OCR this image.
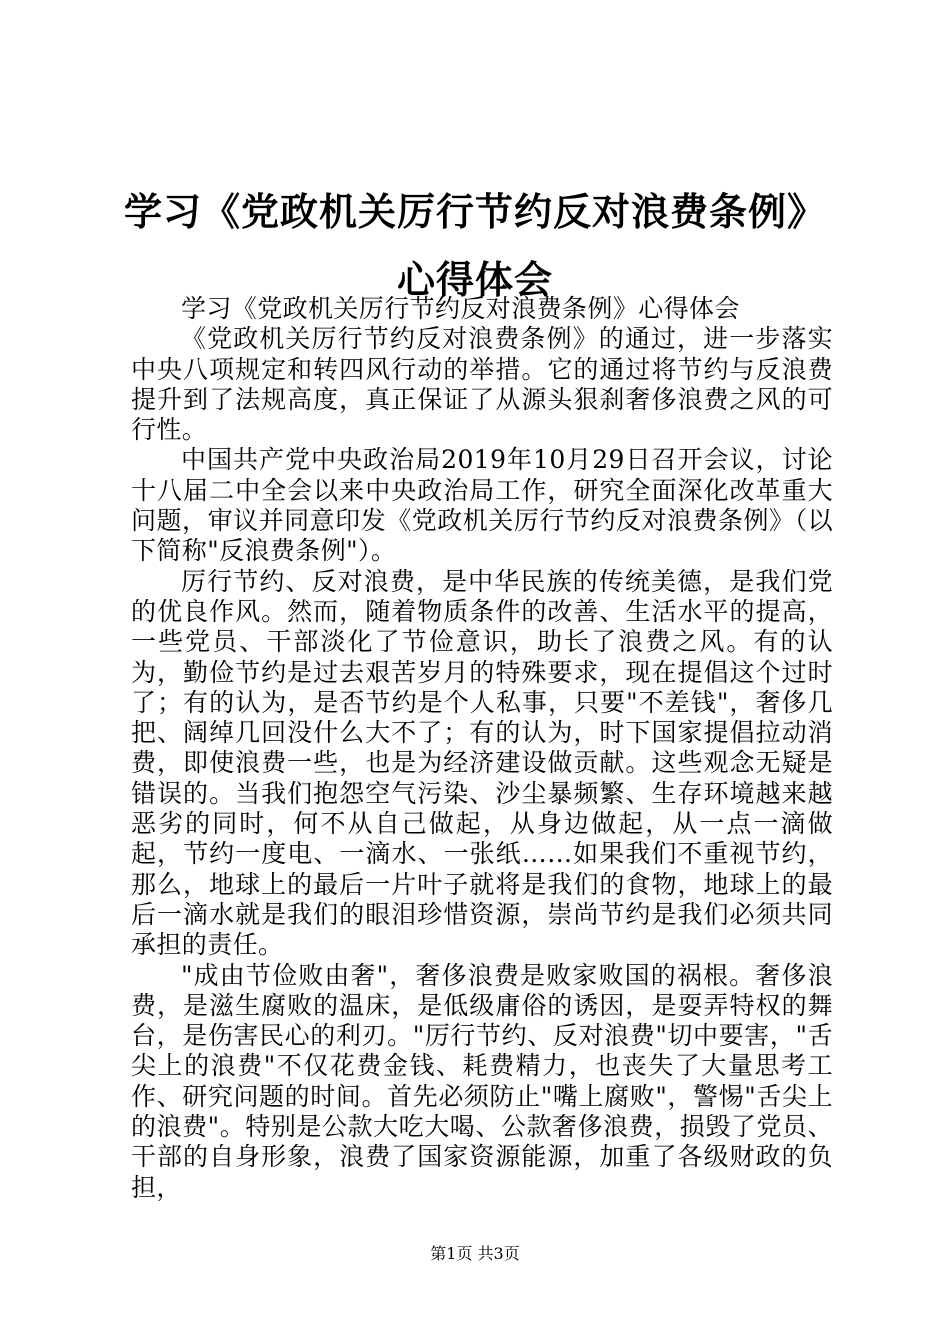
学习《党政机关厉行节约反对浪费条例》心得体会

学习《党政机关厉行节约反对浪费条例》心得体会

《党政机关厉行节约反对浪费条例》的通过，进一步落实中央八项规定和转四风行动的举措。它的通过将节约与反浪费提升到了法规高度，真正保证了从源头狠刹奢侈浪费之风的可行性。

中国共产党中央政治局2019年10月29日召开会议，讨论十八届二中全会以来中央政治局工作，研究全面深化改革重大问题，审议并同意印发《党政机关厉行节约反对浪费条例》（以下简称"反浪费条例"）。

厉行节约、反对浪费，是中华民族的传统美德，是我们党的优良作风。然而，随着物质条件的改善、生活水平的提高，一些党员、干部淡化了节俭意识，助长了浪费之风。有的认为，勤俭节约是过去艰苦岁月的特殊要求，现在提倡这个过时了；有的认为，是否节约是个人私事，只要"不差钱"，奢侈几把、阔绰几回没什么大不了；有的认为，时下国家提倡拉动消费，即使浪费一些，也是为经济建设做贡献。这些观念无疑是错误的。当我们抱怨空气污染、沙尘暴频繁、生存环境越来越恶劣的同时，何不从自己做起，从身边做起，从一点一滴做起，节约一度电、一滴水、一张纸……如果我们不重视节约，那么，地球上的最后一片叶子就将是我们的食物，地球上的最后一滴水就是我们的眼泪珍惜资源，崇尚节约是我们必须共同承担的责任。

"成由节俭败由奢"，奢侈浪费是败家败国的祸根。奢侈浪费，是滋生腐败的温床，是低级庸俗的诱因，是耍弄特权的舞台，是伤害民心的利刃。"厉行节约、反对浪费"切中要害，"舌尖上的浪费"不仅花费金钱、耗费精力，也丧失了大量思考工作、研究问题的时间。首先必须防止"嘴上腐败"，警惕"舌尖上的浪费"。特别是公款大吃大喝、公款奢侈浪费，损毁了党员、干部的自身形象，浪费了国家资源能源，加重了各级财政的负担，

第1页 共3页
